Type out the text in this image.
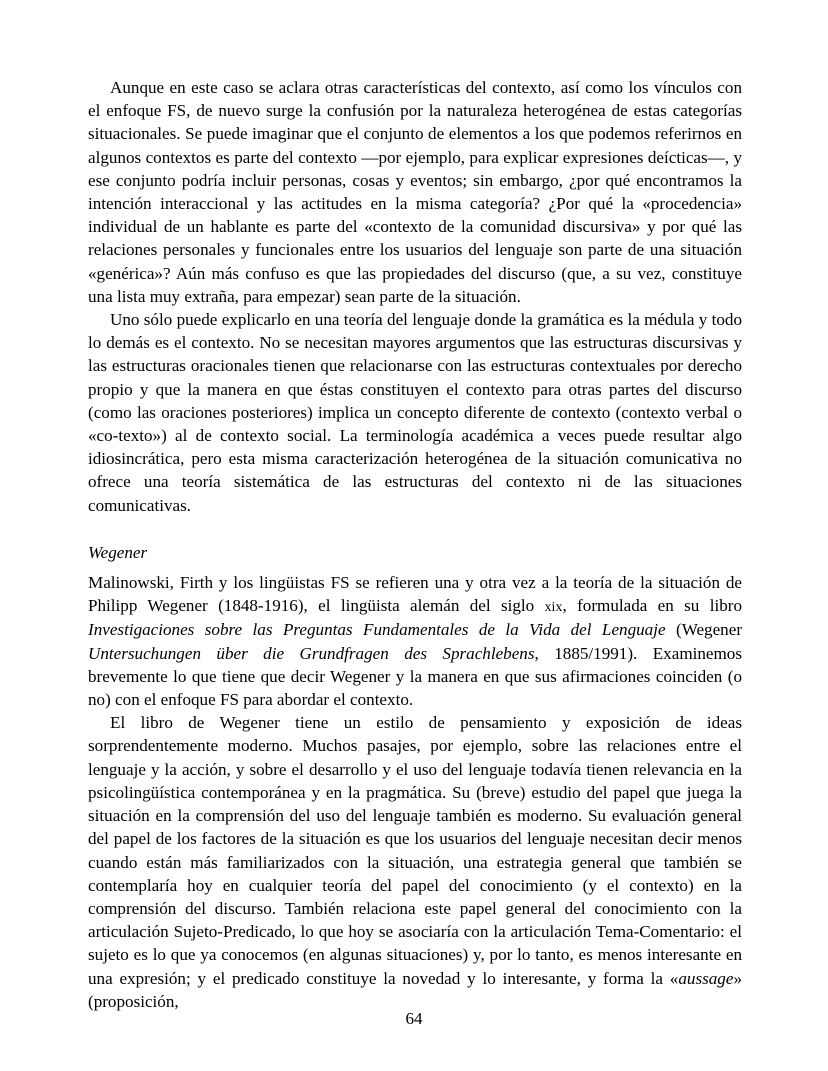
Aunque en este caso se aclara otras características del contexto, así como los vínculos con el enfoque FS, de nuevo surge la confusión por la naturaleza heterogénea de estas categorías situacionales. Se puede imaginar que el conjunto de elementos a los que podemos referirnos en algunos contextos es parte del contexto —por ejemplo, para explicar expresiones deícticas—, y ese conjunto podría incluir personas, cosas y eventos; sin embargo, ¿por qué encontramos la intención interaccional y las actitudes en la misma categoría? ¿Por qué la «procedencia» individual de un hablante es parte del «contexto de la comunidad discursiva» y por qué las relaciones personales y funcionales entre los usuarios del lenguaje son parte de una situación «genérica»? Aún más confuso es que las propiedades del discurso (que, a su vez, constituye una lista muy extraña, para empezar) sean parte de la situación.

Uno sólo puede explicarlo en una teoría del lenguaje donde la gramática es la médula y todo lo demás es el contexto. No se necesitan mayores argumentos que las estructuras discursivas y las estructuras oracionales tienen que relacionarse con las estructuras contextuales por derecho propio y que la manera en que éstas constituyen el contexto para otras partes del discurso (como las oraciones posteriores) implica un concepto diferente de contexto (contexto verbal o «co-texto») al de contexto social. La terminología académica a veces puede resultar algo idiosincrática, pero esta misma caracterización heterogénea de la situación comunicativa no ofrece una teoría sistemática de las estructuras del contexto ni de las situaciones comunicativas.

Wegener

Malinowski, Firth y los lingüistas FS se refieren una y otra vez a la teoría de la situación de Philipp Wegener (1848-1916), el lingüista alemán del siglo xix, formulada en su libro Investigaciones sobre las Preguntas Fundamentales de la Vida del Lenguaje (Wegener Untersuchungen über die Grundfragen des Sprachlebens, 1885/1991). Examinemos brevemente lo que tiene que decir Wegener y la manera en que sus afirmaciones coinciden (o no) con el enfoque FS para abordar el contexto.

El libro de Wegener tiene un estilo de pensamiento y exposición de ideas sorprendentemente moderno. Muchos pasajes, por ejemplo, sobre las relaciones entre el lenguaje y la acción, y sobre el desarrollo y el uso del lenguaje todavía tienen relevancia en la psicolingüística contemporánea y en la pragmática. Su (breve) estudio del papel que juega la situación en la comprensión del uso del lenguaje también es moderno. Su evaluación general del papel de los factores de la situación es que los usuarios del lenguaje necesitan decir menos cuando están más familiarizados con la situación, una estrategia general que también se contemplaría hoy en cualquier teoría del papel del conocimiento (y el contexto) en la comprensión del discurso. También relaciona este papel general del conocimiento con la articulación Sujeto-Predicado, lo que hoy se asociaría con la articulación Tema-Comentario: el sujeto es lo que ya conocemos (en algunas situaciones) y, por lo tanto, es menos interesante en una expresión; y el predicado constituye la novedad y lo interesante, y forma la «aussage» (proposición,

64
